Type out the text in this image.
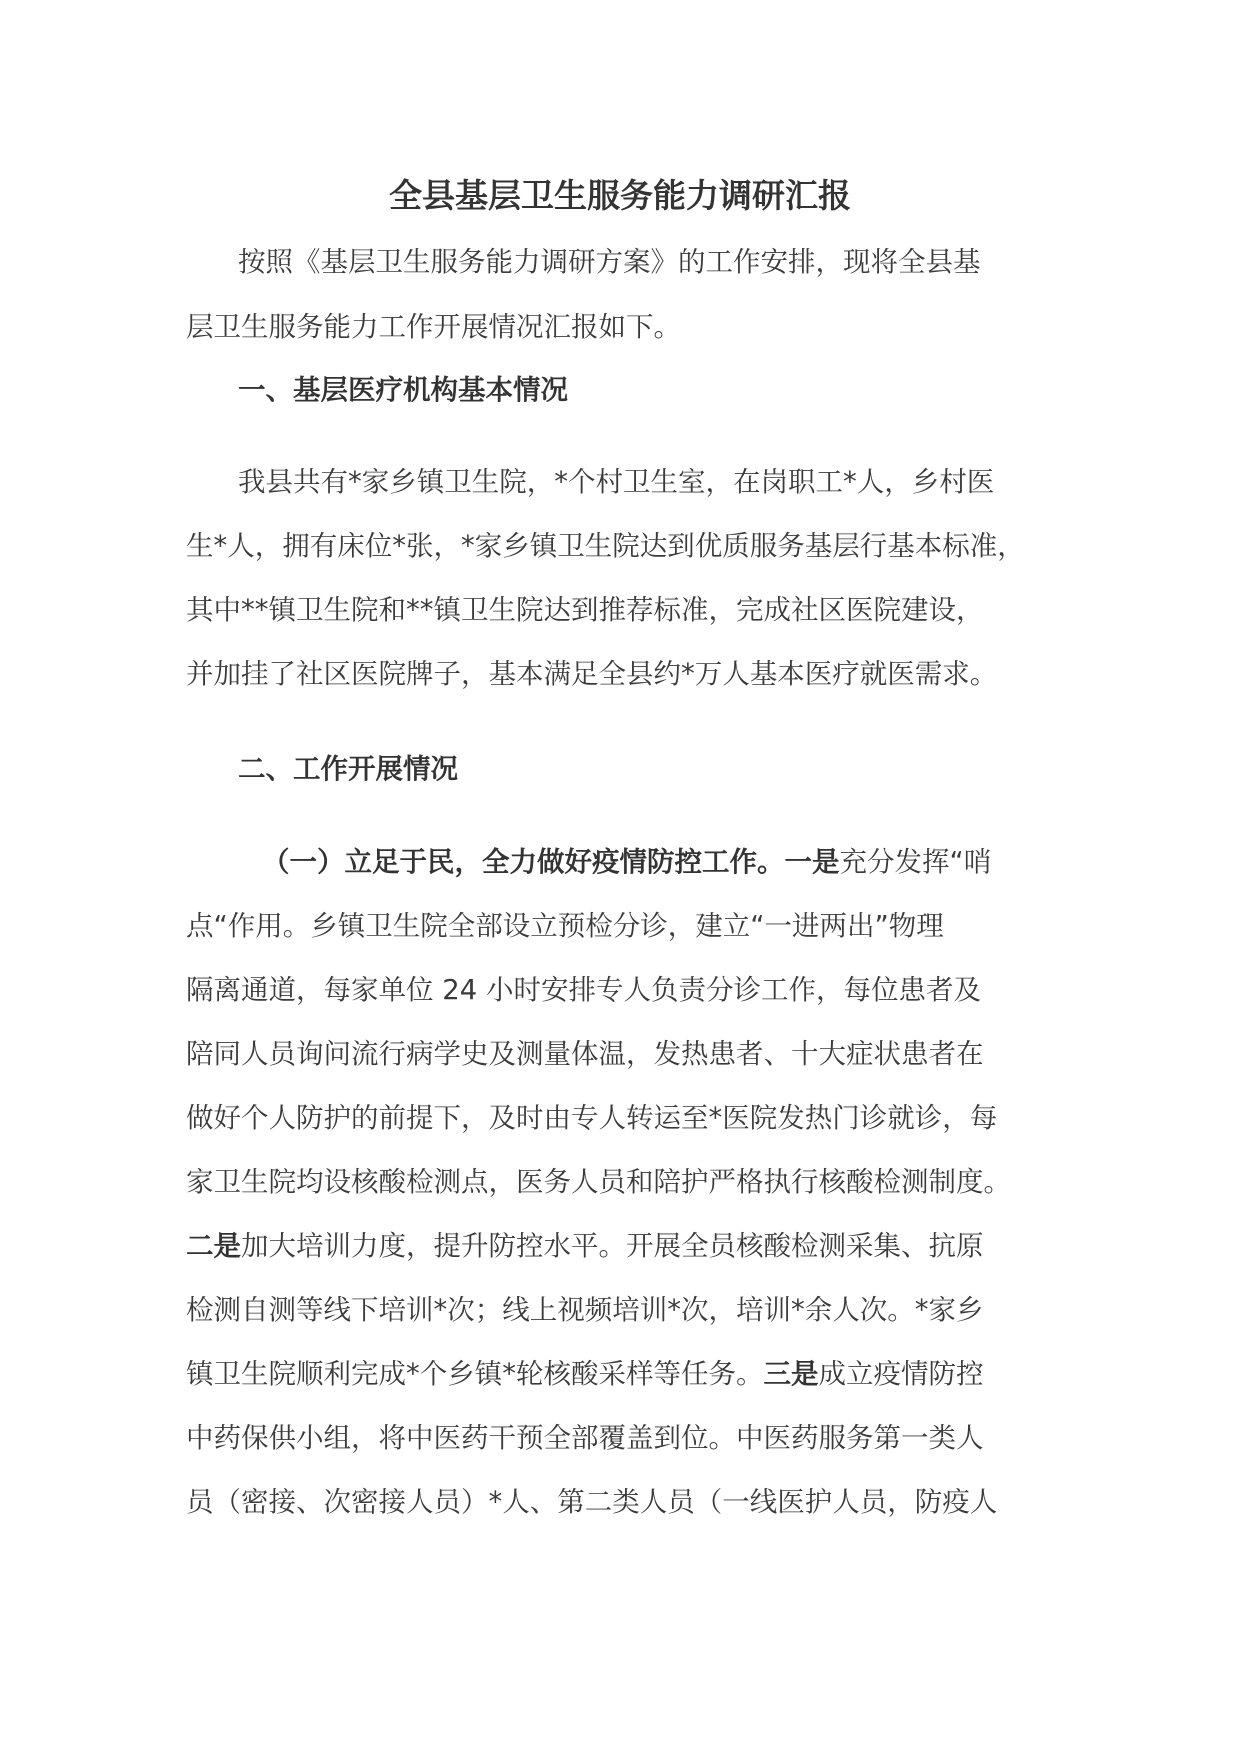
全县基层卫生服务能力调研汇报
按照《基层卫生服务能力调研方案》的工作安排，现将全县基
层卫生服务能力工作开展情况汇报如下。
一、基层医疗机构基本情况
我县共有*家乡镇卫生院，*个村卫生室，在岗职工*人，乡村医
生*人，拥有床位*张，*家乡镇卫生院达到优质服务基层行基本标准，
其中**镇卫生院和**镇卫生院达到推荐标准，完成社区医院建设，
并加挂了社区医院牌子，基本满足全县约*万人基本医疗就医需求。
二、工作开展情况
（一）立足于民，全力做好疫情防控工作。一是充分发挥“哨
点“作用。乡镇卫生院全部设立预检分诊，建立“一进两出”物理
隔离通道，每家单位 24 小时安排专人负责分诊工作，每位患者及
陪同人员询问流行病学史及测量体温，发热患者、十大症状患者在
做好个人防护的前提下，及时由专人转运至*医院发热门诊就诊，每
家卫生院均设核酸检测点，医务人员和陪护严格执行核酸检测制度。
二是加大培训力度，提升防控水平。开展全员核酸检测采集、抗原
检测自测等线下培训*次；线上视频培训*次，培训*余人次。*家乡
镇卫生院顺利完成*个乡镇*轮核酸采样等任务。三是成立疫情防控
中药保供小组，将中医药干预全部覆盖到位。中医药服务第一类人
员（密接、次密接人员）*人、第二类人员（一线医护人员，防疫人
